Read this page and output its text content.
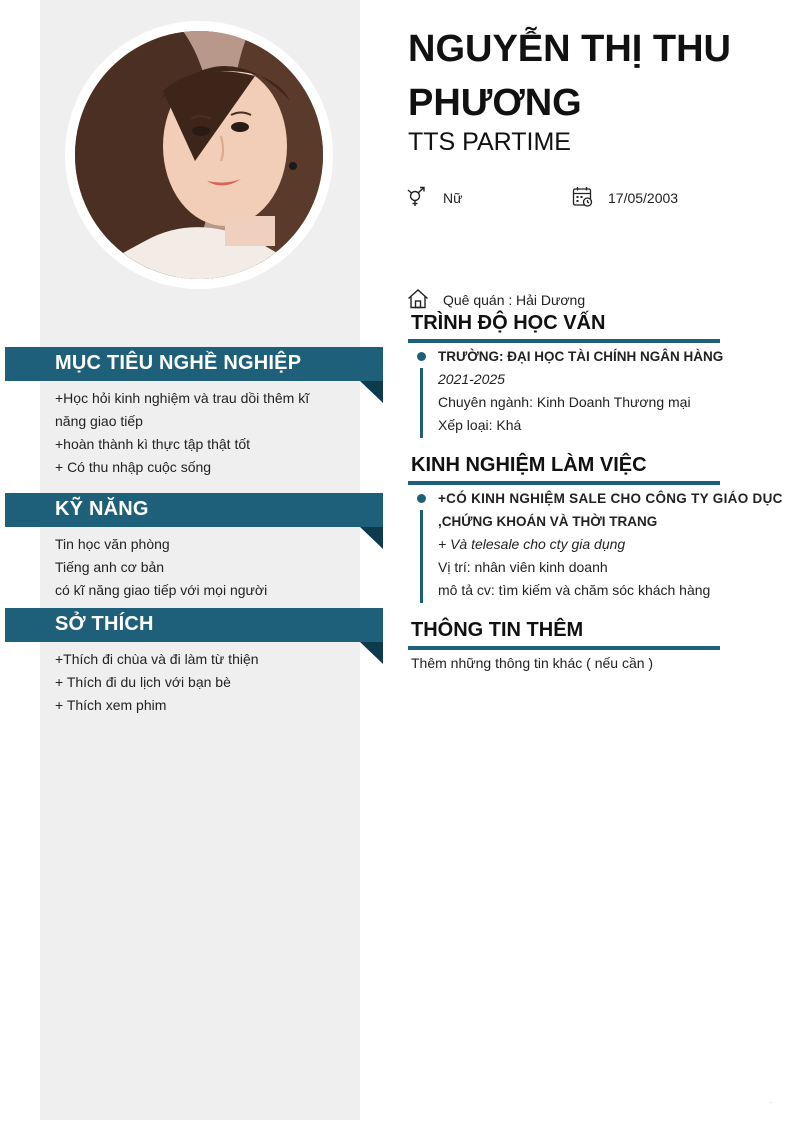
NGUYỄN THỊ THU PHƯƠNG
TTS PARTIME
Nữ	17/05/2003
Quê quán : Hải Dương
MỤC TIÊU NGHỀ NGHIỆP
+Học hỏi kinh nghiệm và trau dồi thêm kĩ năng giao tiếp
+hoàn thành kì thực tập thật tốt
+ Có thu nhập cuộc sống
KỸ NĂNG
Tin học văn phòng
Tiếng anh cơ bản
có kĩ năng giao tiếp với mọi người
SỞ THÍCH
+Thích đi chùa và đi làm từ thiện
+ Thích đi du lịch với bạn bè
+ Thích xem phim
TRÌNH ĐỘ HỌC VẤN
TRƯỜNG: ĐẠI HỌC TÀI CHÍNH NGÂN HÀNG
2021-2025
Chuyên ngành: Kinh Doanh Thương mại
Xếp loại: Khá
KINH NGHIỆM LÀM VIỆC
+CÓ KINH NGHIỆM SALE CHO CÔNG TY GIÁO DỤC
,CHỨNG KHOÁN VÀ THỜI TRANG
+ Và telesale cho cty gia dụng
Vị trí: nhân viên kinh doanh
mô tả cv: tìm kiếm và chăm sóc khách hàng
THÔNG TIN THÊM
Thêm những thông tin khác ( nếu cần )
.
